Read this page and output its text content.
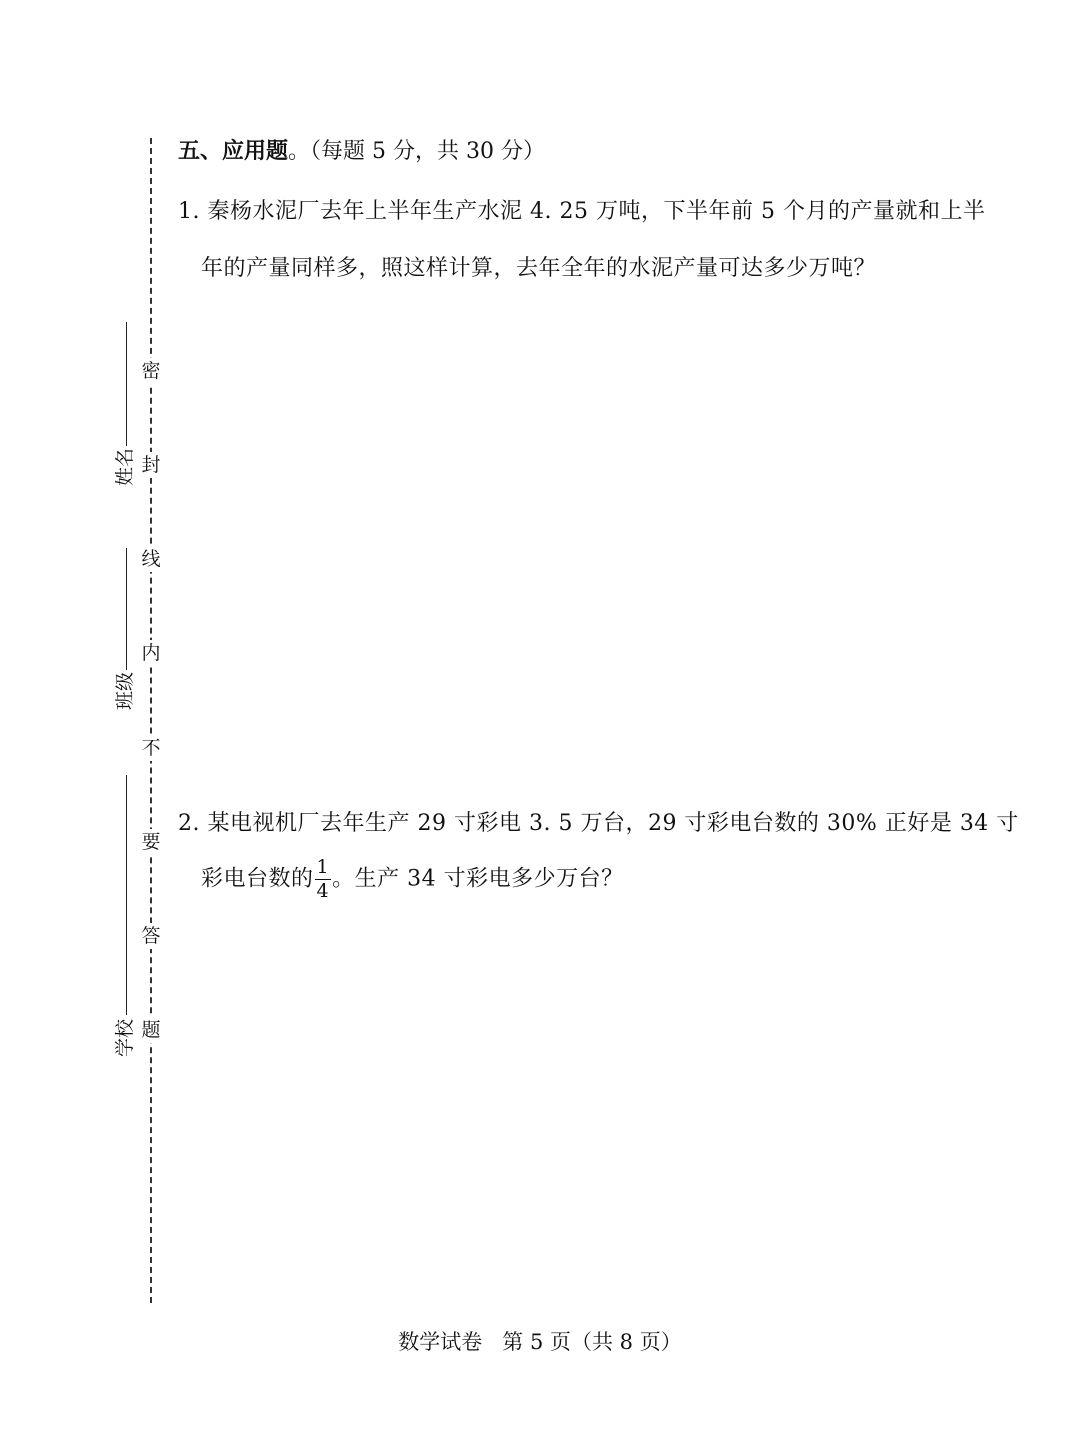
密
封
线
内
不
要
答
题
姓名
班级
学校
五、应用题。（每题 5 分，共 30 分）
1. 秦杨水泥厂去年上半年生产水泥 4. 25 万吨，下半年前 5 个月的产量就和上半
年的产量同样多，照这样计算，去年全年的水泥产量可达多少万吨？
2. 某电视机厂去年生产 29 寸彩电 3. 5 万台，29 寸彩电台数的 30% 正好是 34 寸
彩电台数的 $\frac{1}{4}$ 。生产 34 寸彩电多少万台？
数学试卷 第 5 页（共 8 页）
